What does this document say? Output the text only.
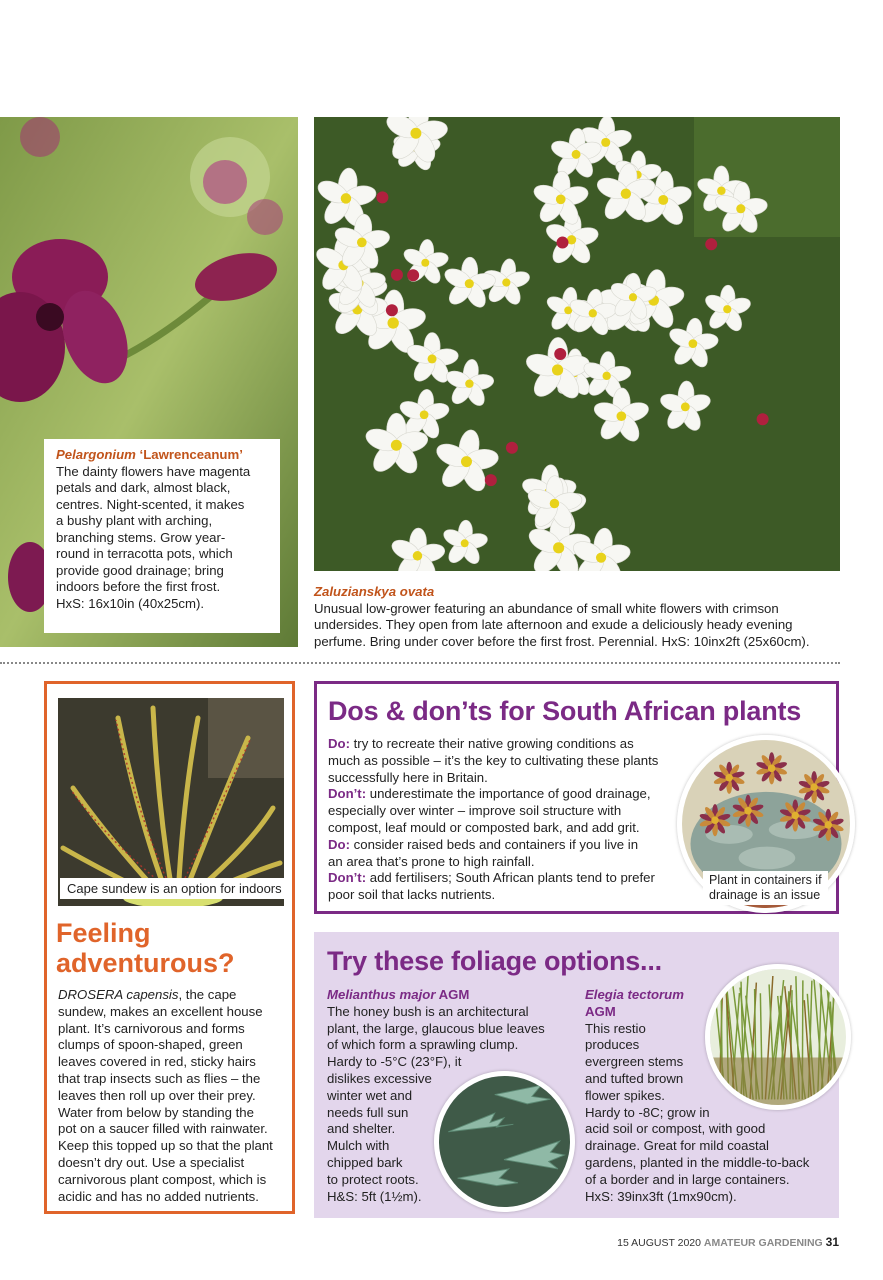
Pelargonium ‘Lawrenceanum’
The dainty flowers have magenta
petals and dark, almost black,
centres. Night-scented, it makes
a bushy plant with arching,
branching stems. Grow year-
round in terracotta pots, which
provide good drainage; bring
indoors before the first frost.
HxS: 16x10in (40x25cm).
Zaluzianskya ovata
Unusual low-grower featuring an abundance of small white flowers with crimson
undersides. They open from late afternoon and exude a deliciously heady evening
perfume. Bring under cover before the first frost. Perennial. HxS: 10inx2ft (25x60cm).
Cape sundew is an option for indoors
Feeling
adventurous?
DROSERA capensis, the cape
sundew, makes an excellent house
plant. It’s carnivorous and forms
clumps of spoon-shaped, green
leaves covered in red, sticky hairs
that trap insects such as flies – the
leaves then roll up over their prey.
Water from below by standing the
pot on a saucer filled with rainwater.
Keep this topped up so that the plant
doesn’t dry out. Use a specialist
carnivorous plant compost, which is
acidic and has no added nutrients.
Dos & don’ts for South African plants
Do: try to recreate their native growing conditions as
much as possible – it’s the key to cultivating these plants
successfully here in Britain.
Don’t: underestimate the importance of good drainage,
especially over winter – improve soil structure with
compost, leaf mould or composted bark, and add grit.
Do: consider raised beds and containers if you live in
an area that’s prone to high rainfall.
Don’t: add fertilisers; South African plants tend to prefer
poor soil that lacks nutrients.
Plant in containers if
drainage is an issue
Try these foliage options...
Melianthus major AGM
The honey bush is an architectural
plant, the large, glaucous blue leaves
of which form a sprawling clump.
Hardy to -5°C (23°F), it
dislikes excessive
winter wet and
needs full sun
and shelter.
Mulch with
chipped bark
to protect roots.
H&S: 5ft (1½m).
Elegia tectorum
AGM
This restio
produces
evergreen stems
and tufted brown
flower spikes.
Hardy to -8C; grow in
acid soil or compost, with good
drainage. Great for mild coastal
gardens, planted in the middle-to-back
of a border and in large containers.
HxS: 39inx3ft (1mx90cm).
15 AUGUST 2020 AMATEUR GARDENING 31
